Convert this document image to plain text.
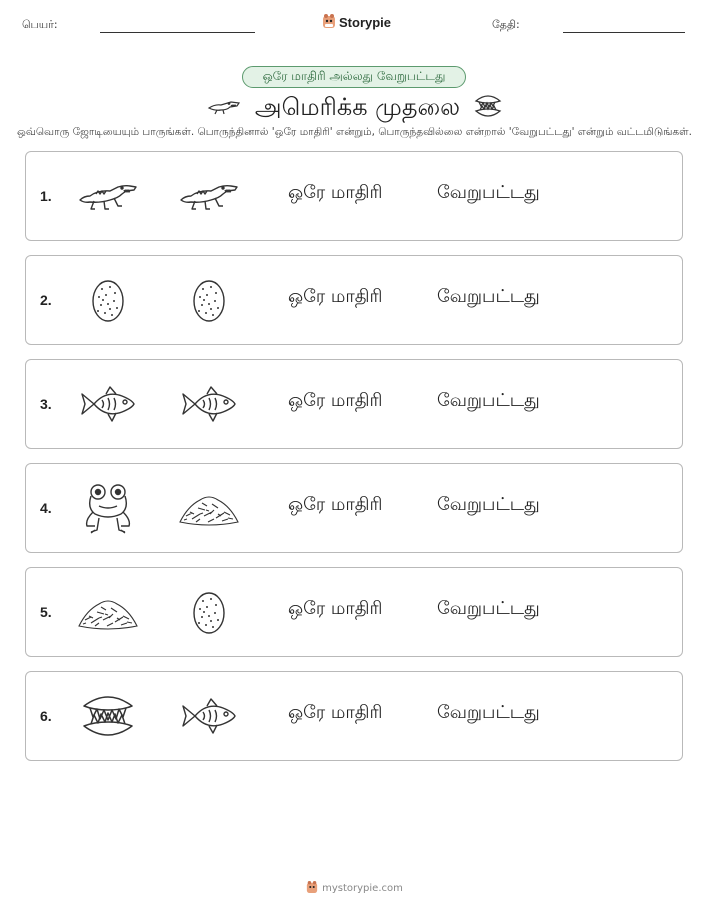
பெயர்:	Storypie	தேதி:
ஒரே மாதிரி அல்லது வேறுபட்டது
அமெரிக்க முதலை
ஒவ்வொரு ஜோடியையும் பாருங்கள். பொருந்தினால் 'ஒரே மாதிரி' என்றும், பொருந்தவில்லை என்றால் 'வேறுபட்டது' என்றும் வட்டமிடுங்கள்.
1.	ஒரே மாதிரி	வேறுபட்டது
2.	ஒரே மாதிரி	வேறுபட்டது
3.	ஒரே மாதிரி	வேறுபட்டது
4.	ஒரே மாதிரி	வேறுபட்டது
5.	ஒரே மாதிரி	வேறுபட்டது
6.	ஒரே மாதிரி	வேறுபட்டது
mystorypie.com
